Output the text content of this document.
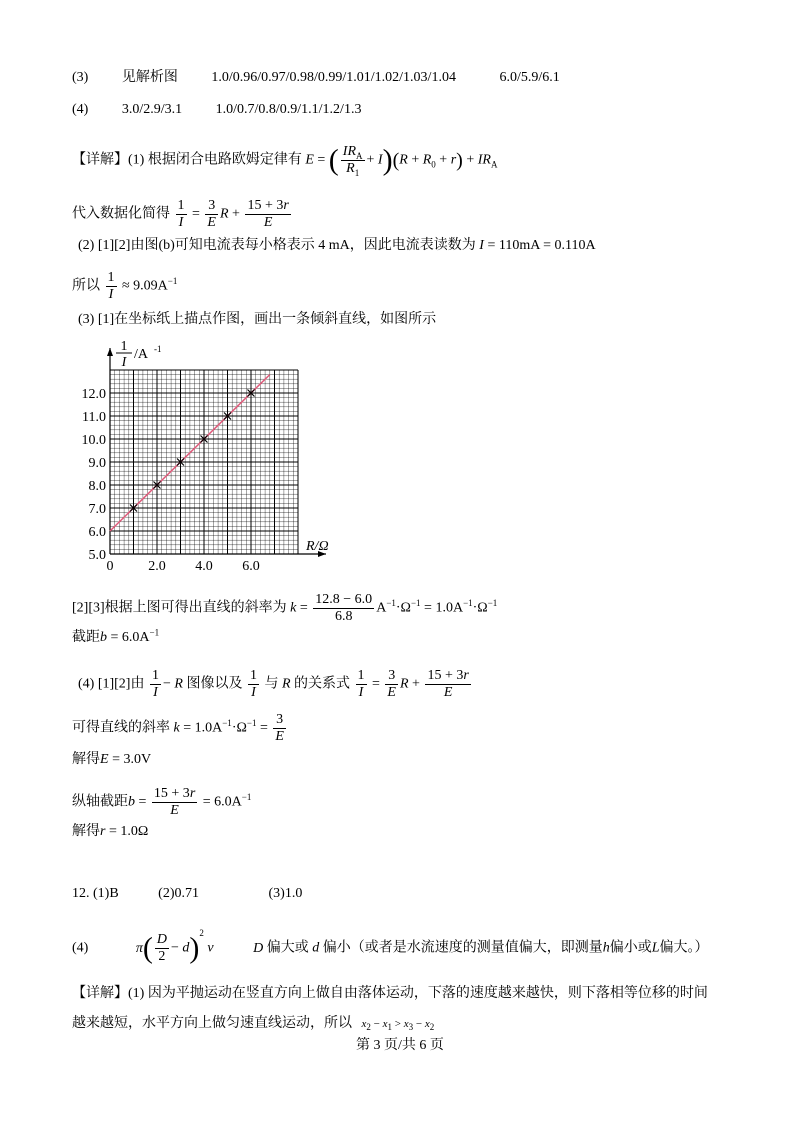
(3) 见解析图 1.0/0.96/0.97/0.98/0.99/1.01/1.02/1.03/1.04	6.0/5.9/6.1
(4) 3.0/2.9/3.1 1.0/0.7/0.8/0.9/1.1/1.2/1.3
【详解】(1) 根据闭合电路欧姆定律有 E = ( $\frac{IR_A}{R_1} + I)(R + R_0 + r) + IR_A$
代入数据化简得 $\frac{1}{I} = \frac{3}{E}$ $R + \frac{15 + 3r}{E}$
(2) [1][2]由图(b)可知电流表每小格表示 4 mA，因此电流表读数为 I = 110mA = 0.110A
所以 $\frac{1}{I} \approx 9.09A^{-1}$
(3) [1]在坐标纸上描点作图，画出一条倾斜直线，如图所示
5.0
6.0
7.0
8.0
9.0
10.0
11.0
12.0
0 2.0 4.0 6.0
R/Ω
1
I
/A -1
[2][3]根据上图可得出直线的斜率为 $k = \frac{12.8 - 6.0}{6.8} A^{-1}\cdot\Omega^{-1} = 1.0A^{-1}\cdot\Omega^{-1}$
截距$b = 6.0A^{-1}$
(4) [1][2]由 $\frac{1}{I} - R$ 图像以及 $\frac{1}{I}$ 与 R 的关系式 $\frac{1}{I} = \frac{3}{E}$ $R + \frac{15 + 3r}{E}$
可得直线的斜率 $k = 1.0A^{-1}\cdot\Omega^{-1} = \frac{3}{E}$
解得E = 3.0V
纵轴截距$b = \frac{15 + 3r}{E} = 6.0A^{-1}$
解得r = 1.0Ω
12. (1)B	(2)0.71	(3)1.0
(4)	$\pi( \frac{D}{2} - d)^2$ v	D 偏大或 d 偏小（或者是水流速度的测量值偏大，即测量h偏小或L偏大。）
【详解】(1) 因为平抛运动在竖直方向上做自由落体运动，下落的速度越来越快，则下落相等位移的时间
越来越短，水平方向上做匀速直线运动，所以 $x_2 - x_1 > x_3 - x_2$
第 3 页/共 6 页
